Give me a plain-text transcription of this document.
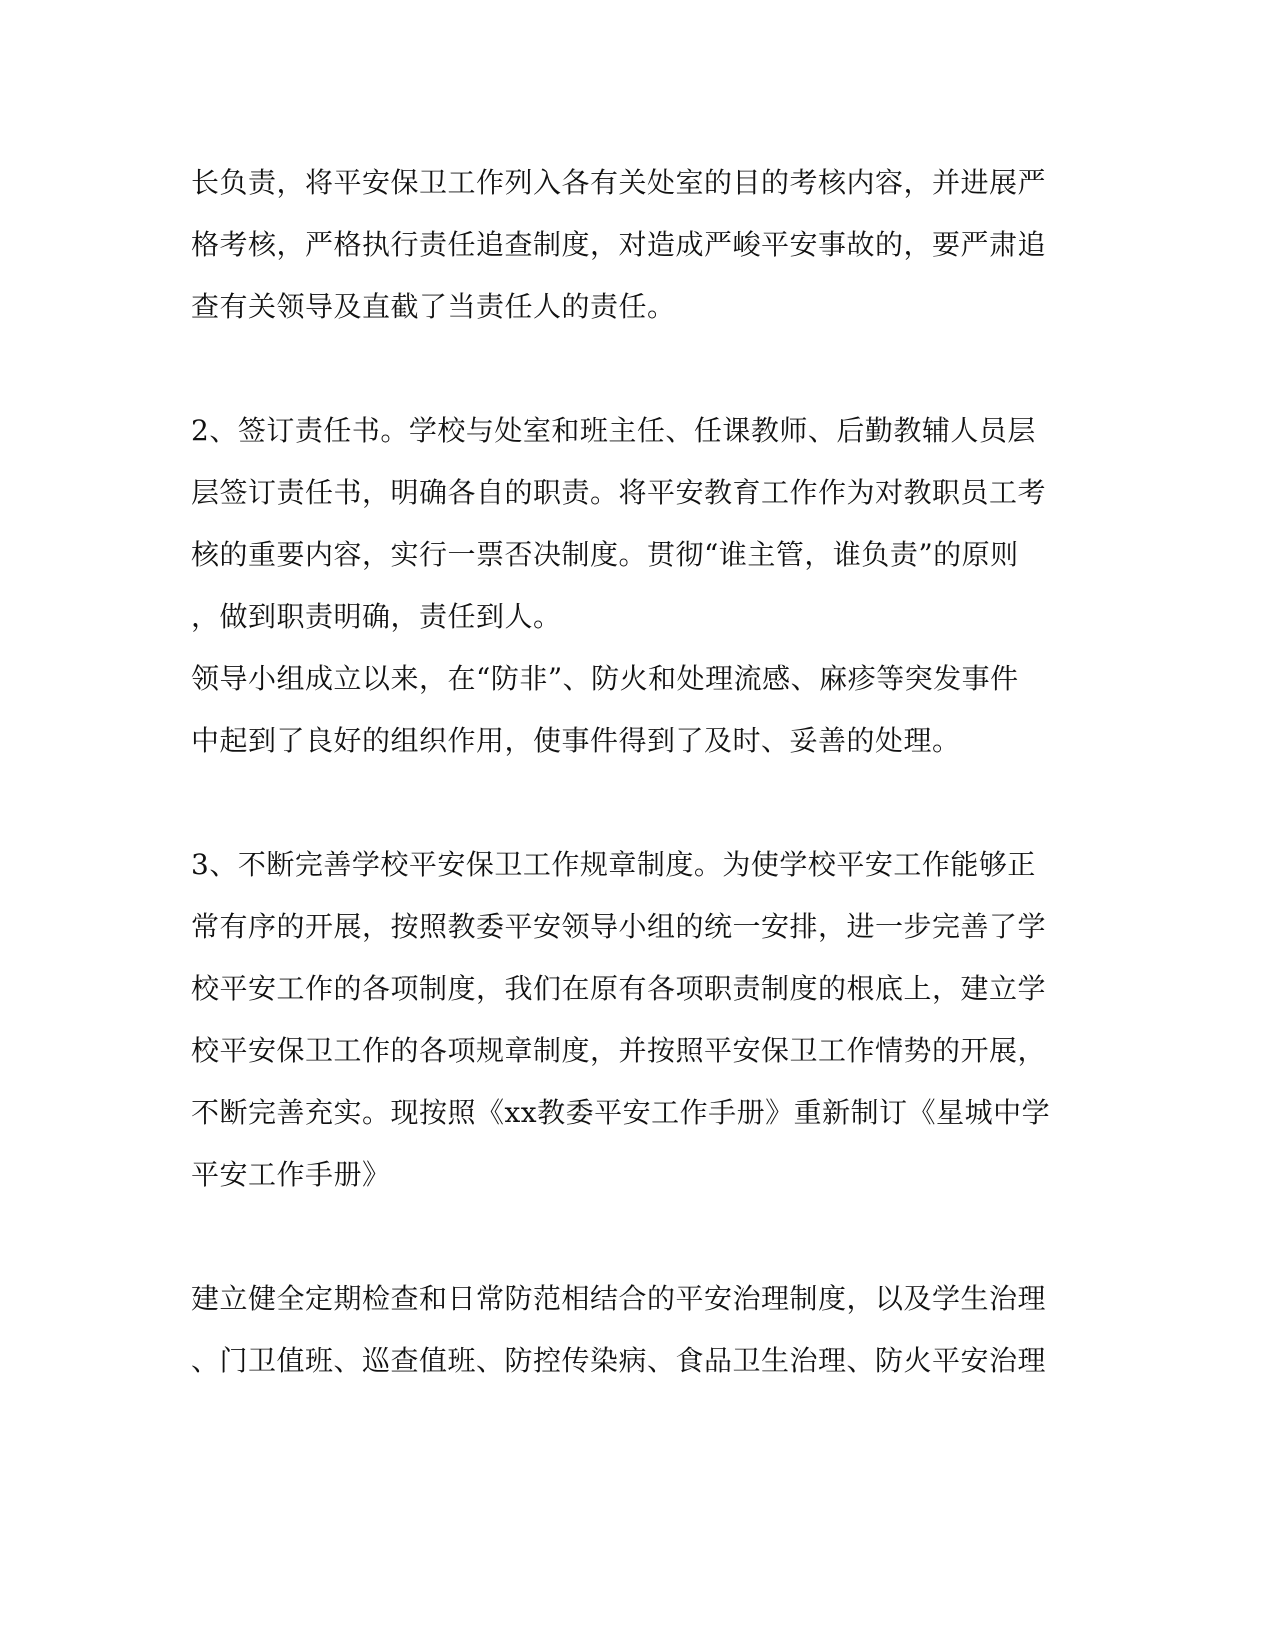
长负责，将平安保卫工作列入各有关处室的目的考核内容，并进展严
格考核，严格执行责任追查制度，对造成严峻平安事故的，要严肃追
查有关领导及直截了当责任人的责任。
2、签订责任书。学校与处室和班主任、任课教师、后勤教辅人员层
层签订责任书，明确各自的职责。将平安教育工作作为对教职员工考
核的重要内容，实行一票否决制度。贯彻“谁主管，谁负责”的原则
，做到职责明确，责任到人。
领导小组成立以来，在“防非”、防火和处理流感、麻疹等突发事件
中起到了良好的组织作用，使事件得到了及时、妥善的处理。
3、不断完善学校平安保卫工作规章制度。为使学校平安工作能够正
常有序的开展，按照教委平安领导小组的统一安排，进一步完善了学
校平安工作的各项制度，我们在原有各项职责制度的根底上，建立学
校平安保卫工作的各项规章制度，并按照平安保卫工作情势的开展，
不断完善充实。现按照《xx教委平安工作手册》重新制订《星城中学
平安工作手册》
建立健全定期检查和日常防范相结合的平安治理制度，以及学生治理
、门卫值班、巡查值班、防控传染病、食品卫生治理、防火平安治理
